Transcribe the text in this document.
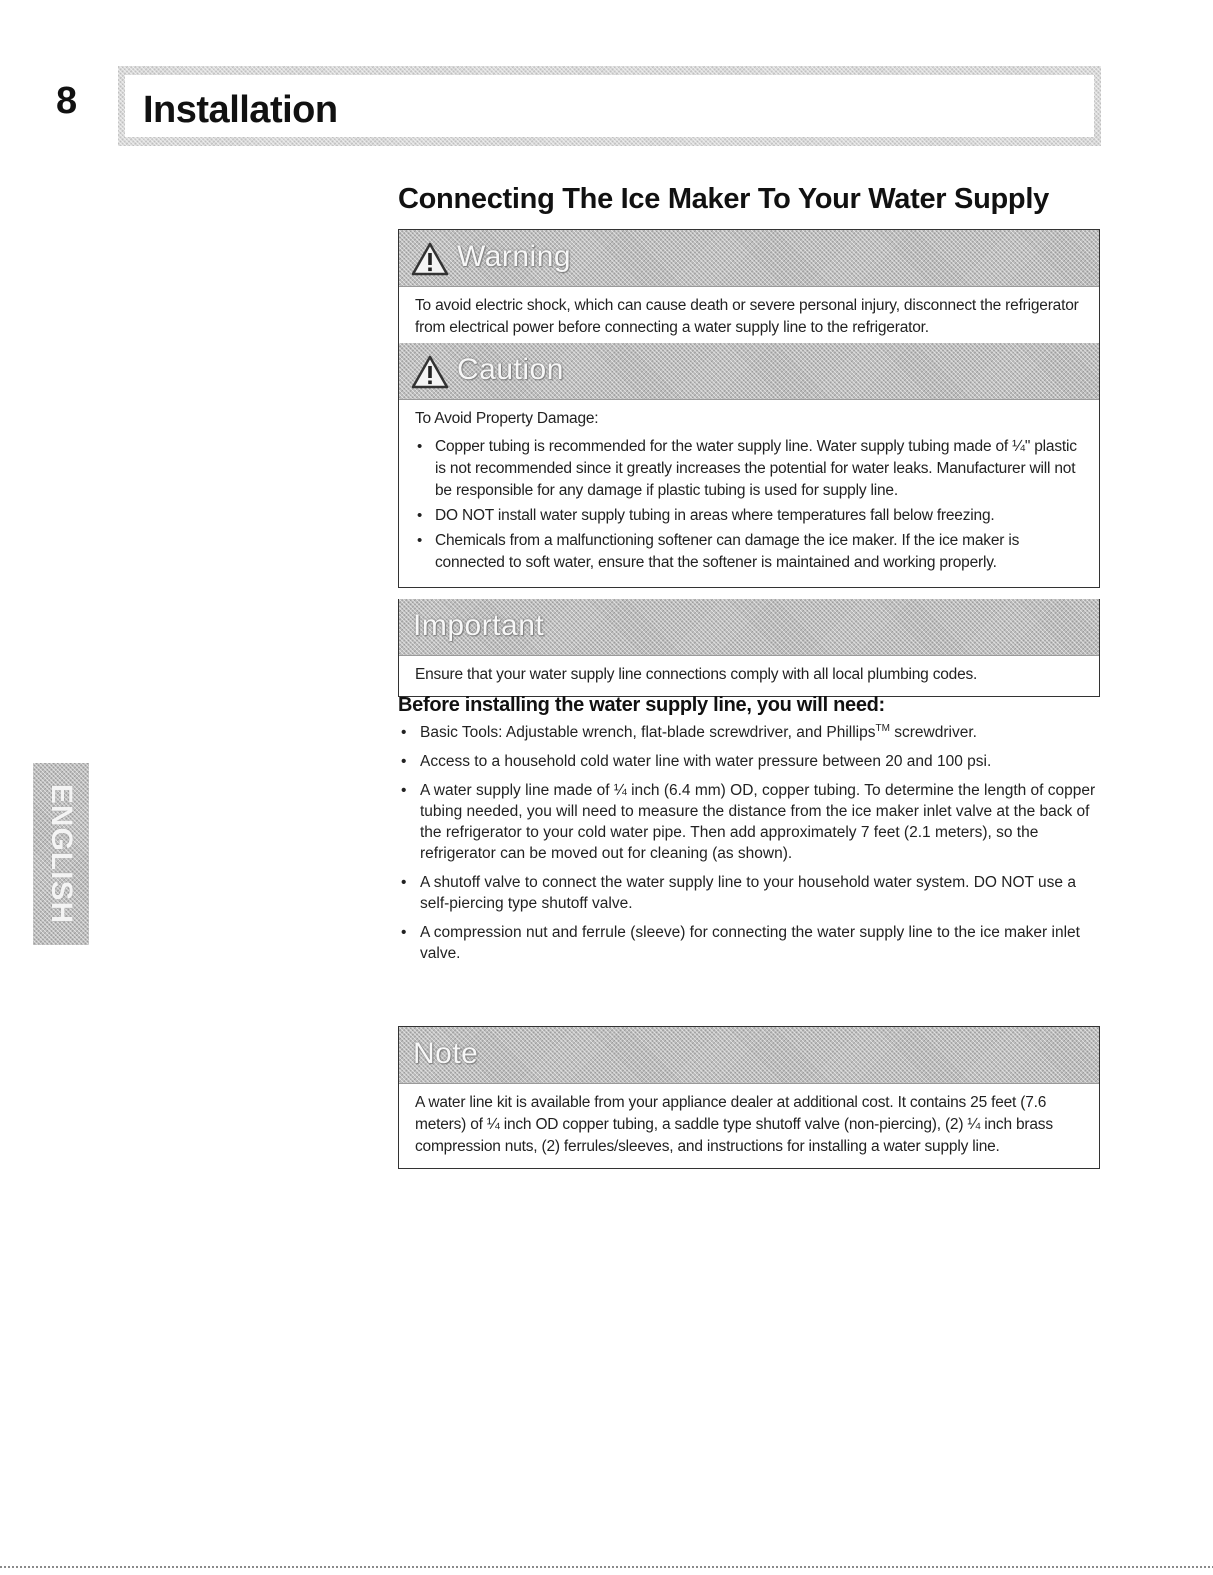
8 Installation
ENGLISH
Connecting The Ice Maker To Your Water Supply
Warning

To avoid electric shock, which can cause death or severe personal injury, disconnect the refrigerator from electrical power before connecting a water supply line to the refrigerator.

Caution

To Avoid Property Damage:

• Copper tubing is recommended for the water supply line. Water supply tubing made of ¼" plastic is not recommended since it greatly increases the potential for water leaks. Manufacturer will not be responsible for any damage if plastic tubing is used for supply line.
• DO NOT install water supply tubing in areas where temperatures fall below freezing.
• Chemicals from a malfunctioning softener can damage the ice maker. If the ice maker is connected to soft water, ensure that the softener is maintained and working properly.
Important

Ensure that your water supply line connections comply with all local plumbing codes.

Before installing the water supply line, you will need:
• Basic Tools: Adjustable wrench, flat-blade screwdriver, and Phillips™ screwdriver.
• Access to a household cold water line with water pressure between 20 and 100 psi.
• A water supply line made of ¼ inch (6.4 mm) OD, copper tubing. To determine the length of copper tubing needed, you will need to measure the distance from the ice maker inlet valve at the back of the refrigerator to your cold water pipe. Then add approximately 7 feet (2.1 meters), so the refrigerator can be moved out for cleaning (as shown).
• A shutoff valve to connect the water supply line to your household water system. DO NOT use a self-piercing type shutoff valve.
• A compression nut and ferrule (sleeve) for connecting the water supply line to the ice maker inlet valve.
Note

A water line kit is available from your appliance dealer at additional cost. It contains 25 feet (7.6 meters) of ¼ inch OD copper tubing, a saddle type shutoff valve (non-piercing), (2) ¼ inch brass compression nuts, (2) ferrules/sleeves, and instructions for installing a water supply line.
